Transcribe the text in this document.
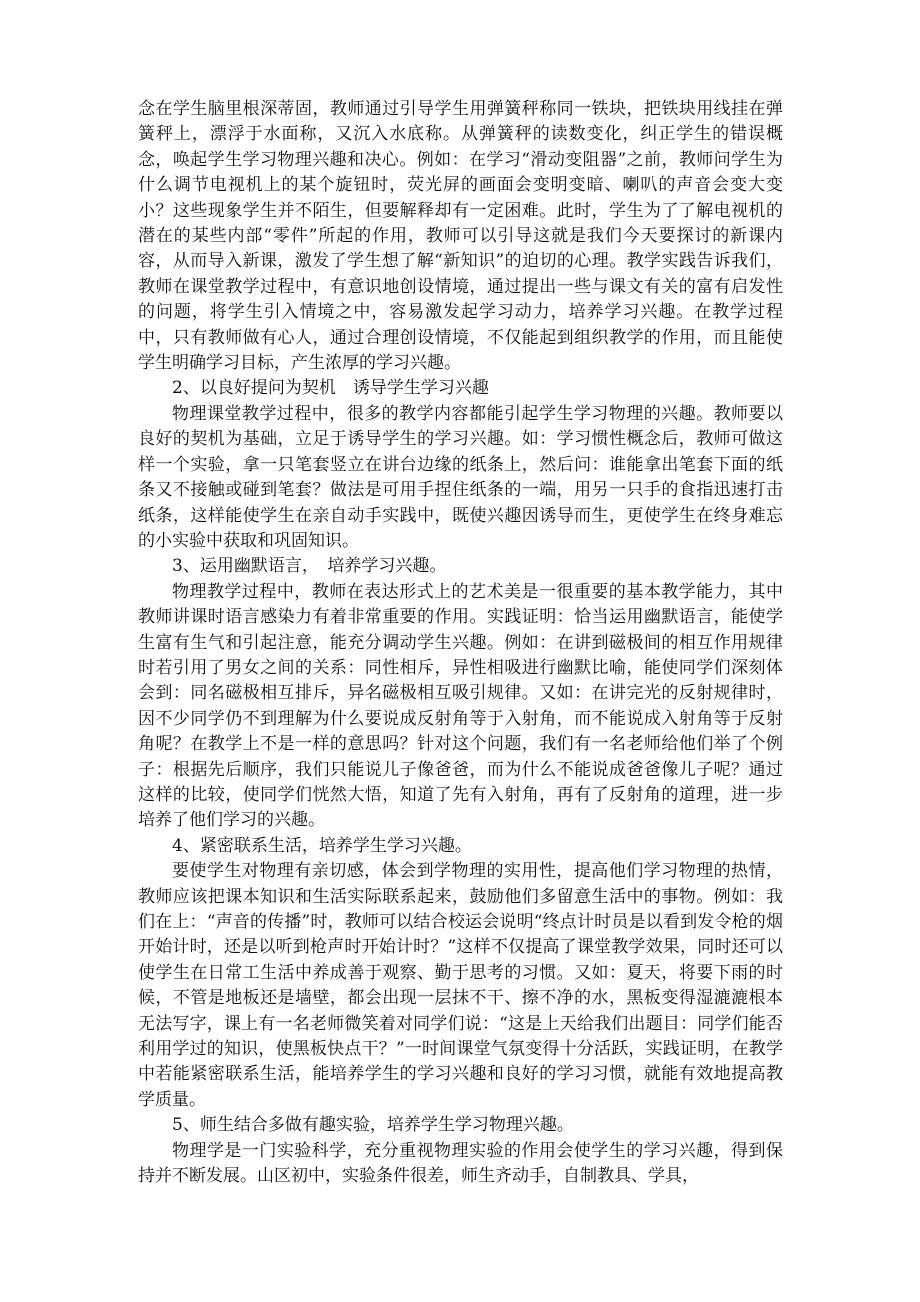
念在学生脑里根深蒂固，教师通过引导学生用弹簧秤称同一铁块，把铁块用线挂在弹簧秤上，漂浮于水面称，又沉入水底称。从弹簧秤的读数变化，纠正学生的错误概念，唤起学生学习物理兴趣和决心。例如：在学习“滑动变阻器”之前，教师问学生为什么调节电视机上的某个旋钮时，荧光屏的画面会变明变暗、喇叭的声音会变大变小？这些现象学生并不陌生，但要解释却有一定困难。此时，学生为了了解电视机的潜在的某些内部“零件”所起的作用，教师可以引导这就是我们今天要探讨的新课内容，从而导入新课，激发了学生想了解“新知识”的迫切的心理。教学实践告诉我们，教师在课堂教学过程中，有意识地创设情境，通过提出一些与课文有关的富有启发性的问题，将学生引入情境之中，容易激发起学习动力，培养学习兴趣。在教学过程中，只有教师做有心人，通过合理创设情境，不仅能起到组织教学的作用，而且能使学生明确学习目标，产生浓厚的学习兴趣。

2、以良好提问为契机　诱导学生学习兴趣

物理课堂教学过程中，很多的教学内容都能引起学生学习物理的兴趣。教师要以良好的契机为基础，立足于诱导学生的学习兴趣。如：学习惯性概念后，教师可做这样一个实验，拿一只笔套竖立在讲台边缘的纸条上，然后问：谁能拿出笔套下面的纸条又不接触或碰到笔套？做法是可用手捏住纸条的一端，用另一只手的食指迅速打击纸条，这样能使学生在亲自动手实践中，既使兴趣因诱导而生，更使学生在终身难忘的小实验中获取和巩固知识。

3、运用幽默语言，　培养学习兴趣。

物理教学过程中，教师在表达形式上的艺术美是一很重要的基本教学能力，其中教师讲课时语言感染力有着非常重要的作用。实践证明：恰当运用幽默语言，能使学生富有生气和引起注意，能充分调动学生兴趣。例如：在讲到磁极间的相互作用规律时若引用了男女之间的关系：同性相斥，异性相吸进行幽默比喻，能使同学们深刻体会到：同名磁极相互排斥，异名磁极相互吸引规律。又如：在讲完光的反射规律时，因不少同学仍不到理解为什么要说成反射角等于入射角，而不能说成入射角等于反射角呢？在教学上不是一样的意思吗？针对这个问题，我们有一名老师给他们举了个例子：根据先后顺序，我们只能说儿子像爸爸，而为什么不能说成爸爸像儿子呢？通过这样的比较，使同学们恍然大悟，知道了先有入射角，再有了反射角的道理，进一步培养了他们学习的兴趣。

4、紧密联系生活，培养学生学习兴趣。

要使学生对物理有亲切感，体会到学物理的实用性，提高他们学习物理的热情，教师应该把课本知识和生活实际联系起来，鼓励他们多留意生活中的事物。例如：我们在上：“声音的传播”时，教师可以结合校运会说明“终点计时员是以看到发令枪的烟开始计时，还是以听到枪声时开始计时？”这样不仅提高了课堂教学效果，同时还可以使学生在日常工生活中养成善于观察、勤于思考的习惯。又如：夏天，将要下雨的时候，不管是地板还是墙壁，都会出现一层抹不干、擦不净的水，黑板变得湿漉漉根本无法写字，课上有一名老师微笑着对同学们说：“这是上天给我们出题目：同学们能否利用学过的知识，使黑板快点干？”一时间课堂气氛变得十分活跃，实践证明，在教学中若能紧密联系生活，能培养学生的学习兴趣和良好的学习习惯，就能有效地提高教学质量。

5、师生结合多做有趣实验，培养学生学习物理兴趣。

物理学是一门实验科学，充分重视物理实验的作用会使学生的学习兴趣，得到保持并不断发展。山区初中，实验条件很差，师生齐动手，自制教具、学具，
